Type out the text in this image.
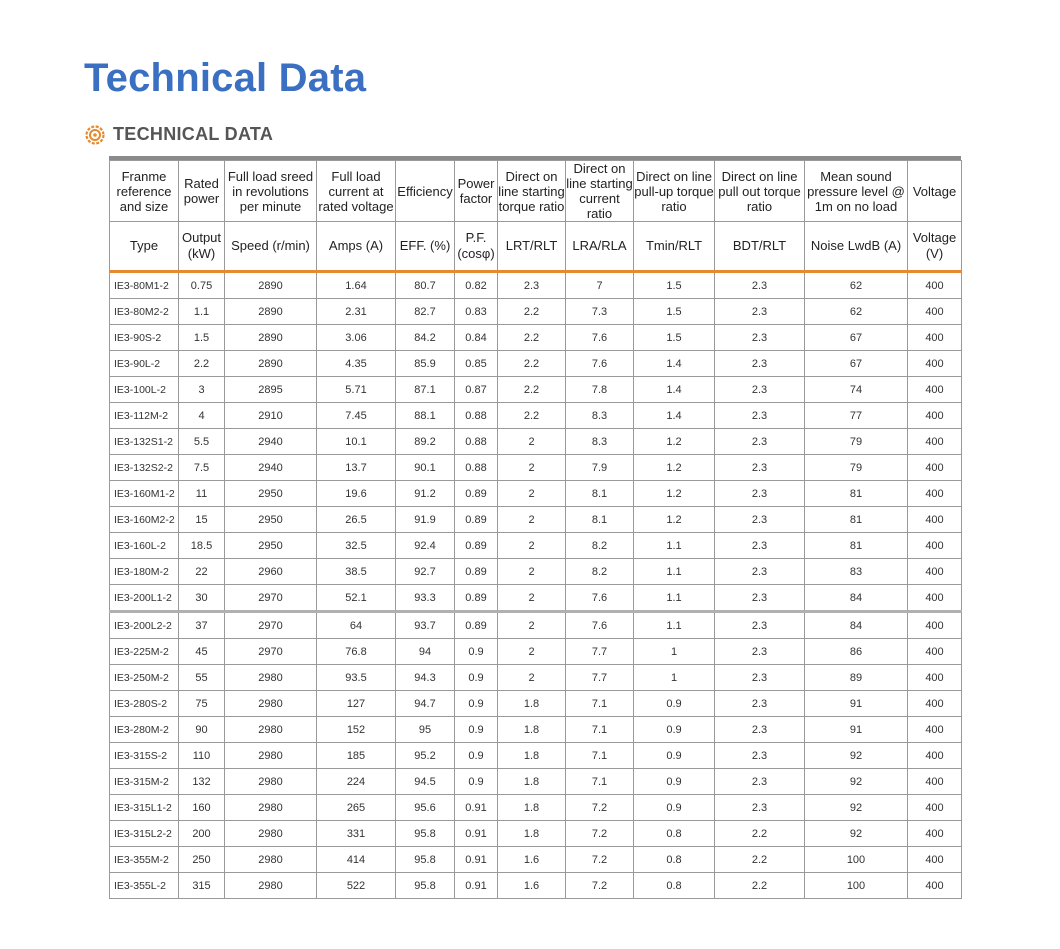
Technical Data
TECHNICAL DATA
Franme reference and size	Rated power	Full load sreed in revolutions per minute	Full load current at rated voltage	Efficiency	Power factor	Direct on line starting torque ratio	Direct on line starting current ratio	Direct on line pull-up torque ratio	Direct on line pull out torque ratio	Mean sound pressure level @ 1m on no load	Voltage
Type	Output (kW)	Speed (r/min)	Amps (A)	EFF. (%)	P.F. (cosφ)	LRT/RLT	LRA/RLA	Tmin/RLT	BDT/RLT	Noise LwdB (A)	Voltage (V)
IE3-80M1-2	0.75	2890	1.64	80.7	0.82	2.3	7	1.5	2.3	62	400
IE3-80M2-2	1.1	2890	2.31	82.7	0.83	2.2	7.3	1.5	2.3	62	400
IE3-90S-2	1.5	2890	3.06	84.2	0.84	2.2	7.6	1.5	2.3	67	400
IE3-90L-2	2.2	2890	4.35	85.9	0.85	2.2	7.6	1.4	2.3	67	400
IE3-100L-2	3	2895	5.71	87.1	0.87	2.2	7.8	1.4	2.3	74	400
IE3-112M-2	4	2910	7.45	88.1	0.88	2.2	8.3	1.4	2.3	77	400
IE3-132S1-2	5.5	2940	10.1	89.2	0.88	2	8.3	1.2	2.3	79	400
IE3-132S2-2	7.5	2940	13.7	90.1	0.88	2	7.9	1.2	2.3	79	400
IE3-160M1-2	11	2950	19.6	91.2	0.89	2	8.1	1.2	2.3	81	400
IE3-160M2-2	15	2950	26.5	91.9	0.89	2	8.1	1.2	2.3	81	400
IE3-160L-2	18.5	2950	32.5	92.4	0.89	2	8.2	1.1	2.3	81	400
IE3-180M-2	22	2960	38.5	92.7	0.89	2	8.2	1.1	2.3	83	400
IE3-200L1-2	30	2970	52.1	93.3	0.89	2	7.6	1.1	2.3	84	400
IE3-200L2-2	37	2970	64	93.7	0.89	2	7.6	1.1	2.3	84	400
IE3-225M-2	45	2970	76.8	94	0.9	2	7.7	1	2.3	86	400
IE3-250M-2	55	2980	93.5	94.3	0.9	2	7.7	1	2.3	89	400
IE3-280S-2	75	2980	127	94.7	0.9	1.8	7.1	0.9	2.3	91	400
IE3-280M-2	90	2980	152	95	0.9	1.8	7.1	0.9	2.3	91	400
IE3-315S-2	110	2980	185	95.2	0.9	1.8	7.1	0.9	2.3	92	400
IE3-315M-2	132	2980	224	94.5	0.9	1.8	7.1	0.9	2.3	92	400
IE3-315L1-2	160	2980	265	95.6	0.91	1.8	7.2	0.9	2.3	92	400
IE3-315L2-2	200	2980	331	95.8	0.91	1.8	7.2	0.8	2.2	92	400
IE3-355M-2	250	2980	414	95.8	0.91	1.6	7.2	0.8	2.2	100	400
IE3-355L-2	315	2980	522	95.8	0.91	1.6	7.2	0.8	2.2	100	400
